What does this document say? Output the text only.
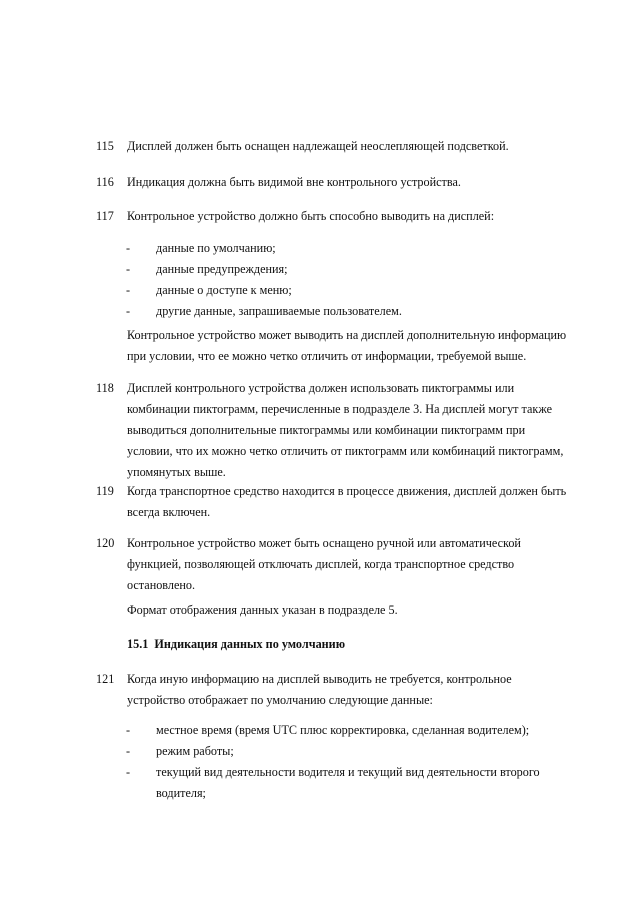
115 Дисплей должен быть оснащен надлежащей неослепляющей подсветкой.
116 Индикация должна быть видимой вне контрольного устройства.
117 Контрольное устройство должно быть способно выводить на дисплей:
- данные по умолчанию;
- данные предупреждения;
- данные о доступе к меню;
- другие данные, запрашиваемые пользователем.
Контрольное устройство может выводить на дисплей дополнительную информацию
при условии, что ее можно четко отличить от информации, требуемой выше.
118 Дисплей контрольного устройства должен использовать пиктограммы или
комбинации пиктограмм, перечисленные в подразделе 3. На дисплей могут также
выводиться дополнительные пиктограммы или комбинации пиктограмм при
условии, что их можно четко отличить от пиктограмм или комбинаций пиктограмм,
упомянутых выше.
119 Когда транспортное средство находится в процессе движения, дисплей должен быть
всегда включен.
120 Контрольное устройство может быть оснащено ручной или автоматической
функцией, позволяющей отключать дисплей, когда транспортное средство
остановлено.
Формат отображения данных указан в подразделе 5.
15.1 Индикация данных по умолчанию
121 Когда иную информацию на дисплей выводить не требуется, контрольное
устройство отображает по умолчанию следующие данные:
- местное время (время UTC плюс корректировка, сделанная водителем);
- режим работы;
- текущий вид деятельности водителя и текущий вид деятельности второго
водителя;
